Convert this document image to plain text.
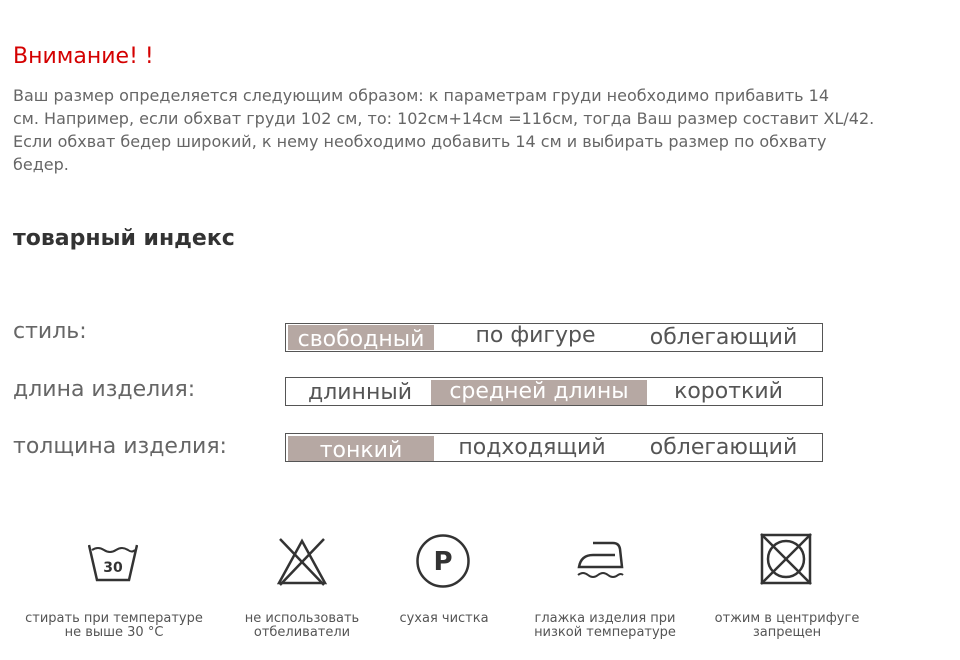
Внимание! !

Ваш размер определяется следующим образом: к параметрам груди необходимо прибавить 14
см. Например, если обхват груди 102 см, то: 102см+14см =116см, тогда Ваш размер составит XL/42.
Если обхват бедер широкий, к нему необходимо добавить 14 см и выбирать размер по обхвату
бедер.

товарный индекс
стиль:	свободный	по фигуре	облегающий
длина изделия:	длинный	средней длины	короткий
толщина изделия:	тонкий	подходящий	облегающий
30	P
стирать при температуре
не выше 30 °C
не использовать
отбеливатели
сухая чистка	глажка изделия при
низкой температуре
отжим в центрифуге
запрещен
